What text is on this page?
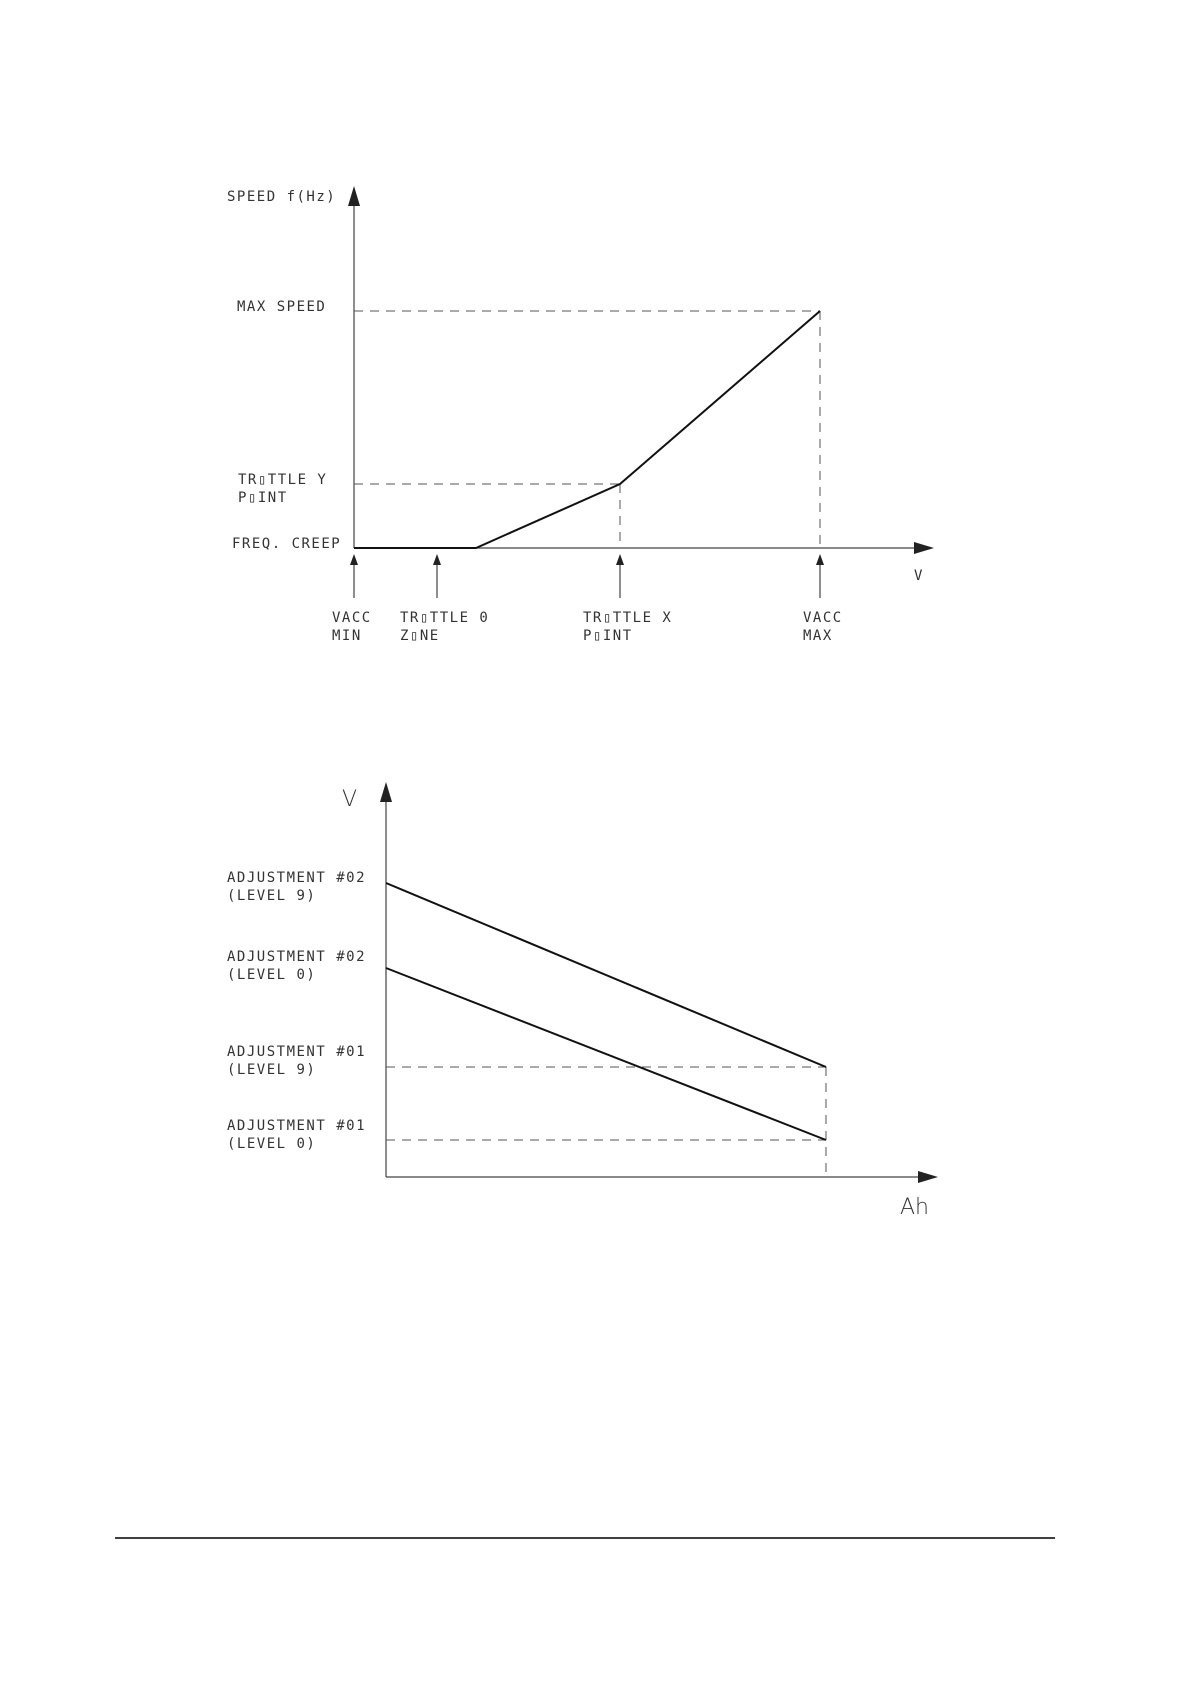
SPEED f(Hz)
MAX SPEED
TR▯TTLE Y
P▯INT
FREQ. CREEP
V
VACC
MIN
TR▯TTLE 0
Z▯NE
TR▯TTLE X
P▯INT
VACC
MAX
V
Ah
ADJUSTMENT #02
(LEVEL 9)
ADJUSTMENT #02
(LEVEL 0)
ADJUSTMENT #01
(LEVEL 9)
ADJUSTMENT #01
(LEVEL 0)
